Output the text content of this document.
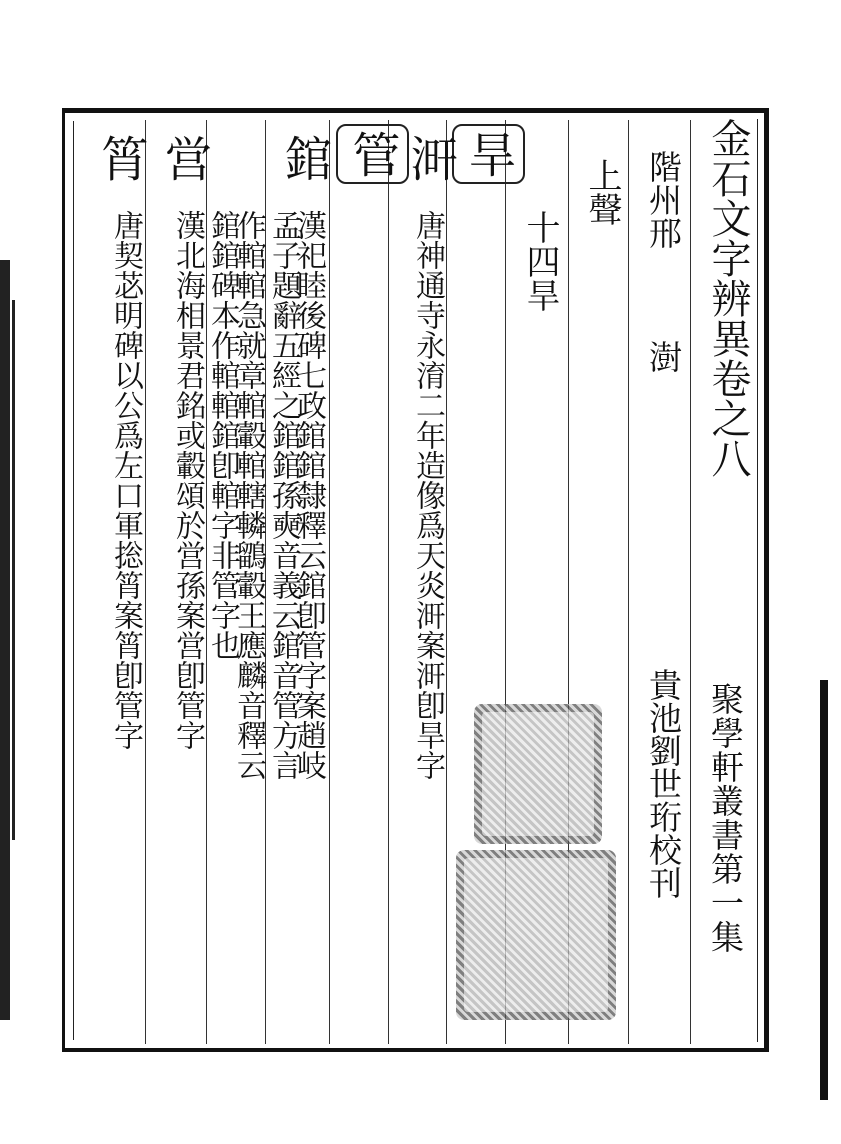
金石文字辨異卷之八
聚學軒叢書第一集
階州邢
澍
貴池劉世珩校刊
上聲
十四旱
旱
唐神通寺永淯二年造像爲天炎涆案涆卽旱字
涆
管
漢祀睦後碑七政錧錧隸釋云錧卽管字案趙岐
錧
孟子題辭五經之錧錧孫奭音義云錧音管方言
作輨輨急就章輨轂輨轄轔鶹轂王應麟音釋云
錧錧碑本作輨輨錧卽輨字非管字也
営
漢北海相景君銘或轂頌於営孫案営卽管字
筲
唐契苾明碑以公爲左口軍捴筲案筲卽管字
